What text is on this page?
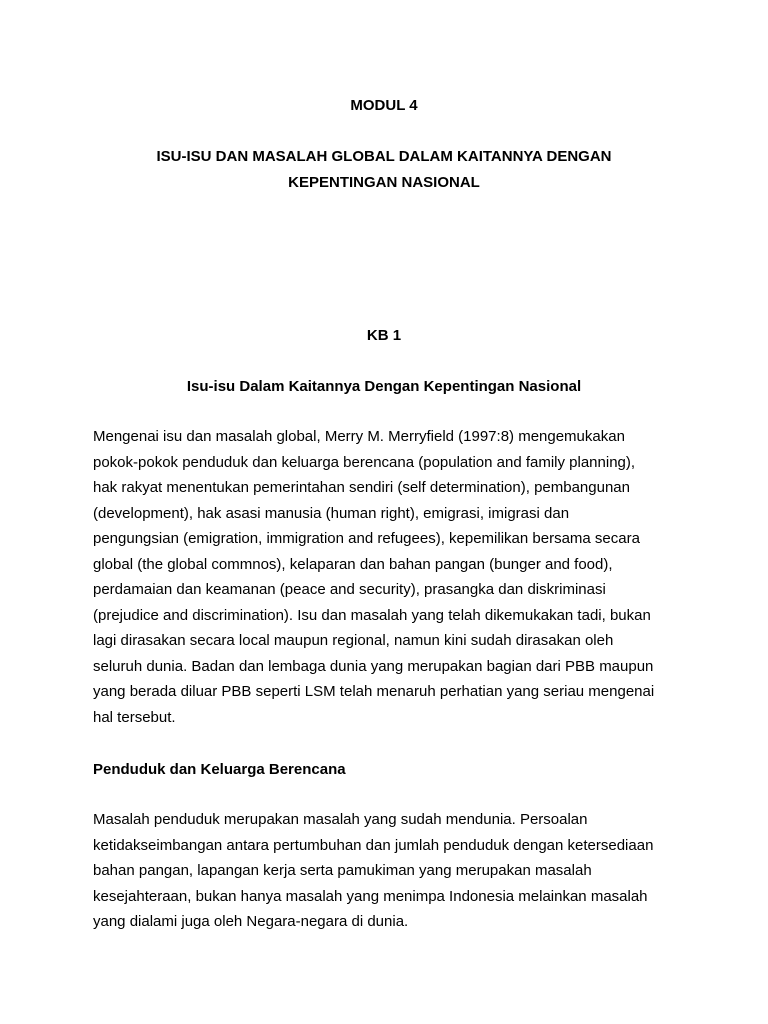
MODUL 4

ISU-ISU DAN MASALAH GLOBAL DALAM KAITANNYA DENGAN
KEPENTINGAN NASIONAL

KB 1

Isu-isu Dalam Kaitannya Dengan Kepentingan Nasional

Mengenai isu dan masalah global, Merry M. Merryfield (1997:8) mengemukakan
pokok-pokok penduduk dan keluarga berencana (population and family planning),
hak rakyat menentukan pemerintahan sendiri (self determination), pembangunan
(development), hak asasi manusia (human right), emigrasi, imigrasi dan
pengungsian (emigration, immigration and refugees), kepemilikan bersama secara
global (the global commnos), kelaparan dan bahan pangan (bunger and food),
perdamaian dan keamanan (peace and security), prasangka dan diskriminasi
(prejudice and discrimination). Isu dan masalah yang telah dikemukakan tadi, bukan
lagi dirasakan secara local maupun regional, namun kini sudah dirasakan oleh
seluruh dunia. Badan dan lembaga dunia yang merupakan bagian dari PBB maupun
yang berada diluar PBB seperti LSM telah menaruh perhatian yang seriau mengenai
hal tersebut.

Penduduk dan Keluarga Berencana

Masalah penduduk merupakan masalah yang sudah mendunia. Persoalan
ketidakseimbangan antara pertumbuhan dan jumlah penduduk dengan ketersediaan
bahan pangan, lapangan kerja serta pamukiman yang merupakan masalah
kesejahteraan, bukan hanya masalah yang menimpa Indonesia melainkan masalah
yang dialami juga oleh Negara-negara di dunia.
